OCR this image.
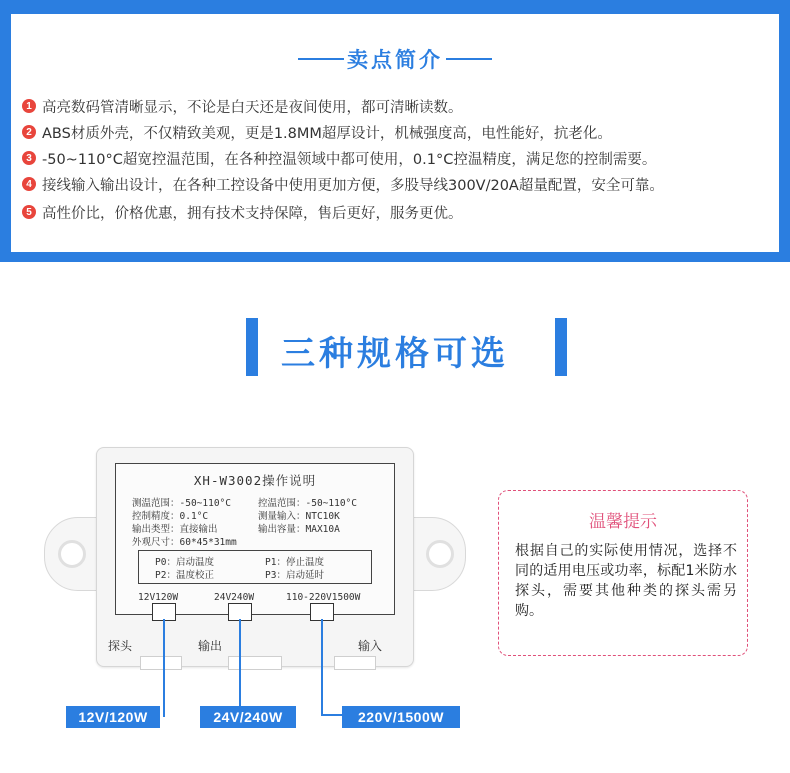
卖点简介
1 高亮数码管清晰显示，不论是白天还是夜间使用，都可清晰读数。
2 ABS材质外壳，不仅精致美观，更是1.8MM超厚设计，机械强度高，电性能好，抗老化。
3 -50~110°C超宽控温范围，在各种控温领域中都可使用，0.1°C控温精度，满足您的控制需要。
4 接线输入输出设计，在各种工控设备中使用更加方便，多股导线300V/20A超量配置，安全可靠。
5 高性价比，价格优惠，拥有技术支持保障，售后更好，服务更优。
三种规格可选
XH-W3002操作说明
测温范围：-50~110°C	控温范围：-50~110°C
控制精度：0.1°C	测量输入：NTC10K
输出类型：直接输出	输出容量：MAX10A
外观尺寸：60*45*31mm
P0：启动温度	P1：停止温度
P2：温度校正	P3：启动延时
12V120W	24V240W	110-220V1500W
探头	输出	输入
12V/120W	24V/240W	220V/1500W
温馨提示
根据自己的实际使用情况，选择不同的适用电压或功率，标配1米防水探头，需要其他种类的探头需另购。
